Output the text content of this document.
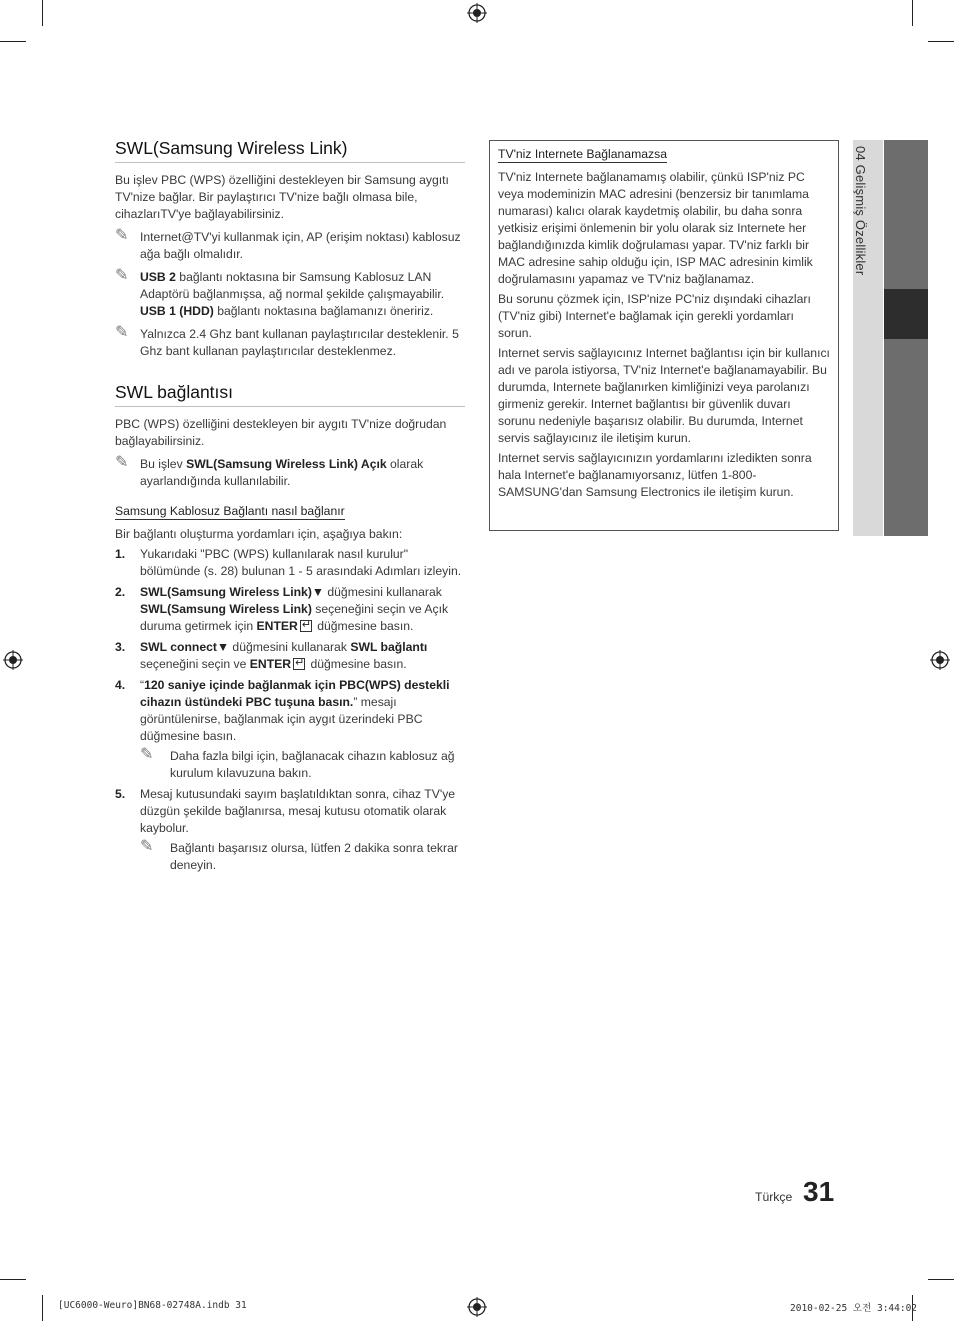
04 Gelişmiş Özellikler
SWL(Samsung Wireless Link)

Bu işlev PBC (WPS) özelliğini destekleyen bir Samsung aygıtı TV'nize bağlar. Bir paylaştırıcı TV'nize bağlı olmasa bile, cihazlarıTV'ye bağlayabilirsiniz.

✎ Internet@TV'yi kullanmak için, AP (erişim noktası) kablosuz ağa bağlı olmalıdır.
✎ USB 2 bağlantı noktasına bir Samsung Kablosuz LAN Adaptörü bağlanmışsa, ağ normal şekilde çalışmayabilir. USB 1 (HDD) bağlantı noktasına bağlamanızı öneririz.
✎ Yalnızca 2.4 Ghz bant kullanan paylaştırıcılar desteklenir. 5 Ghz bant kullanan paylaştırıcılar desteklenmez.
SWL bağlantısı

PBC (WPS) özelliğini destekleyen bir aygıtı TV'nize doğrudan bağlayabilirsiniz.

✎ Bu işlev SWL(Samsung Wireless Link) Açık olarak ayarlandığında kullanılabilir.
Samsung Kablosuz Bağlantı nasıl bağlanır

Bir bağlantı oluşturma yordamları için, aşağıya bakın:

1. Yukarıdaki "PBC (WPS) kullanılarak nasıl kurulur" bölümünde (s. 28) bulunan 1 - 5 arasındaki Adımları izleyin.
2. SWL(Samsung Wireless Link)▼ düğmesini kullanarak SWL(Samsung Wireless Link) seçeneğini seçin ve Açık duruma getirmek için ENTER↵ düğmesine basın.
3. SWL connect▼ düğmesini kullanarak SWL bağlantı
seçeneğini seçin ve ENTER↵ düğmesine basın.
4. “120 saniye içinde bağlanmak için PBC(WPS) destekli cihazın üstündeki PBC tuşuna basın.” mesajı görüntülenirse, bağlanmak için aygıt üzerindeki PBC düğmesine basın.
✎ Daha fazla bilgi için, bağlanacak cihazın kablosuz ağ kurulum kılavuzuna bakın.
5. Mesaj kutusundaki sayım başlatıldıktan sonra, cihaz TV'ye düzgün şekilde bağlanırsa, mesaj kutusu otomatik olarak kaybolur.
✎ Bağlantı başarısız olursa, lütfen 2 dakika sonra tekrar deneyin.
TV'niz Internete Bağlanamazsa

TV'niz Internete bağlanamamış olabilir, çünkü ISP'niz PC veya modeminizin MAC adresini (benzersiz bir tanımlama numarası) kalıcı olarak kaydetmiş olabilir, bu daha sonra yetkisiz erişimi önlemenin bir yolu olarak siz Internete her bağlandığınızda kimlik doğrulaması yapar. TV'niz farklı bir MAC adresine sahip olduğu için, ISP MAC adresinin kimlik doğrulamasını yapamaz ve TV'niz bağlanamaz.

Bu sorunu çözmek için, ISP'nize PC'niz dışındaki cihazları (TV'niz gibi) Internet'e bağlamak için gerekli yordamları sorun.

Internet servis sağlayıcınız Internet bağlantısı için bir kullanıcı adı ve parola istiyorsa, TV'niz Internet'e bağlanamayabilir. Bu durumda, Internete bağlanırken kimliğinizi veya parolanızı girmeniz gerekir. Internet bağlantısı bir güvenlik duvarı sorunu nedeniyle başarısız olabilir. Bu durumda, Internet servis sağlayıcınız ile iletişim kurun.

Internet servis sağlayıcınızın yordamlarını izledikten sonra hala Internet'e bağlanamıyorsanız, lütfen 1-800-SAMSUNG'dan Samsung Electronics ile iletişim kurun.

Türkçe 31
[UC6000-Weuro]BN68-02748A.indb 31	2010-02-25 오전 3:44:02
